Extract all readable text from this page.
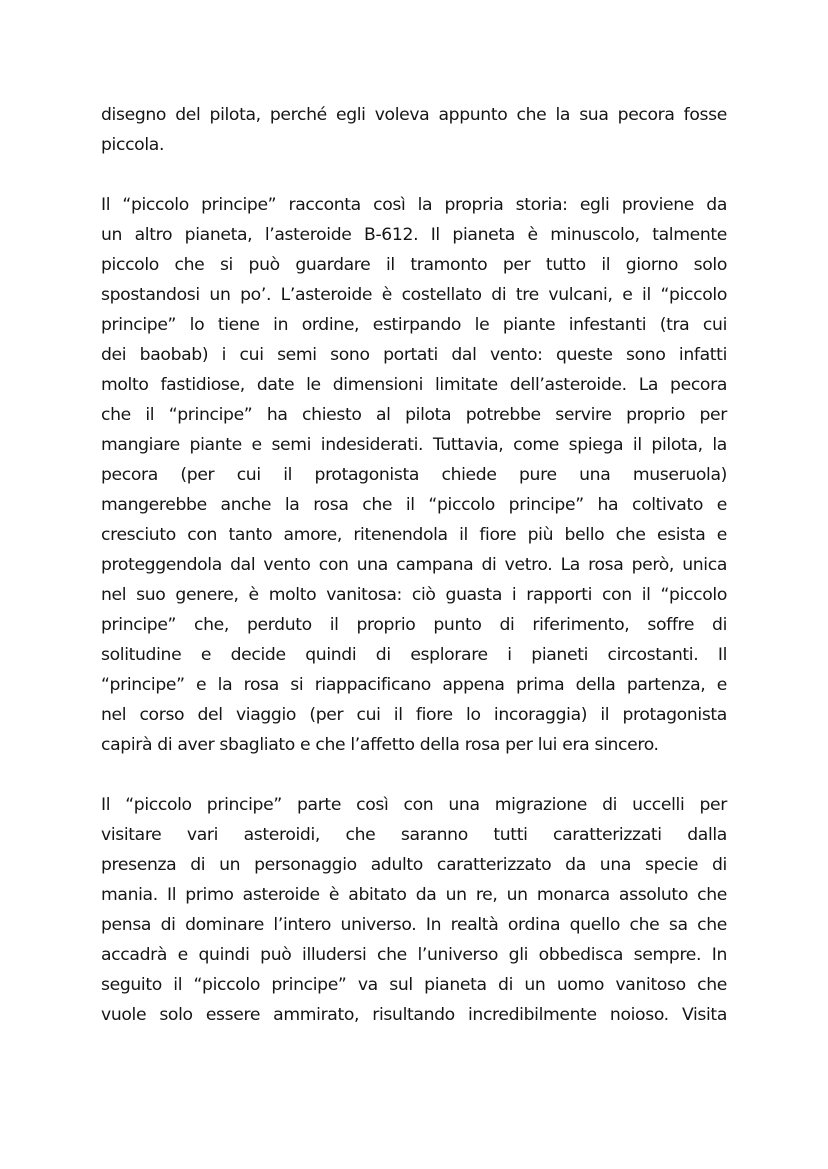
disegno del pilota, perché egli voleva appunto che la sua pecora fosse
piccola.
Il “piccolo principe” racconta così la propria storia: egli proviene da
un altro pianeta, l’asteroide B-612. Il pianeta è minuscolo, talmente
piccolo che si può guardare il tramonto per tutto il giorno solo
spostandosi un po’. L’asteroide è costellato di tre vulcani, e il “piccolo
principe” lo tiene in ordine, estirpando le piante infestanti (tra cui
dei baobab) i cui semi sono portati dal vento: queste sono infatti
molto fastidiose, date le dimensioni limitate dell’asteroide. La pecora
che il “principe” ha chiesto al pilota potrebbe servire proprio per
mangiare piante e semi indesiderati. Tuttavia, come spiega il pilota, la
pecora (per cui il protagonista chiede pure una museruola)
mangerebbe anche la rosa che il “piccolo principe” ha coltivato e
cresciuto con tanto amore, ritenendola il fiore più bello che esista e
proteggendola dal vento con una campana di vetro. La rosa però, unica
nel suo genere, è molto vanitosa: ciò guasta i rapporti con il “piccolo
principe” che, perduto il proprio punto di riferimento, soffre di
solitudine e decide quindi di esplorare i pianeti circostanti. Il
“principe” e la rosa si riappacificano appena prima della partenza, e
nel corso del viaggio (per cui il fiore lo incoraggia) il protagonista
capirà di aver sbagliato e che l’affetto della rosa per lui era sincero.
Il “piccolo principe” parte così con una migrazione di uccelli per
visitare vari asteroidi, che saranno tutti caratterizzati dalla
presenza di un personaggio adulto caratterizzato da una specie di
mania. Il primo asteroide è abitato da un re, un monarca assoluto che
pensa di dominare l’intero universo. In realtà ordina quello che sa che
accadrà e quindi può illudersi che l’universo gli obbedisca sempre. In
seguito il “piccolo principe” va sul pianeta di un uomo vanitoso che
vuole solo essere ammirato, risultando incredibilmente noioso. Visita
